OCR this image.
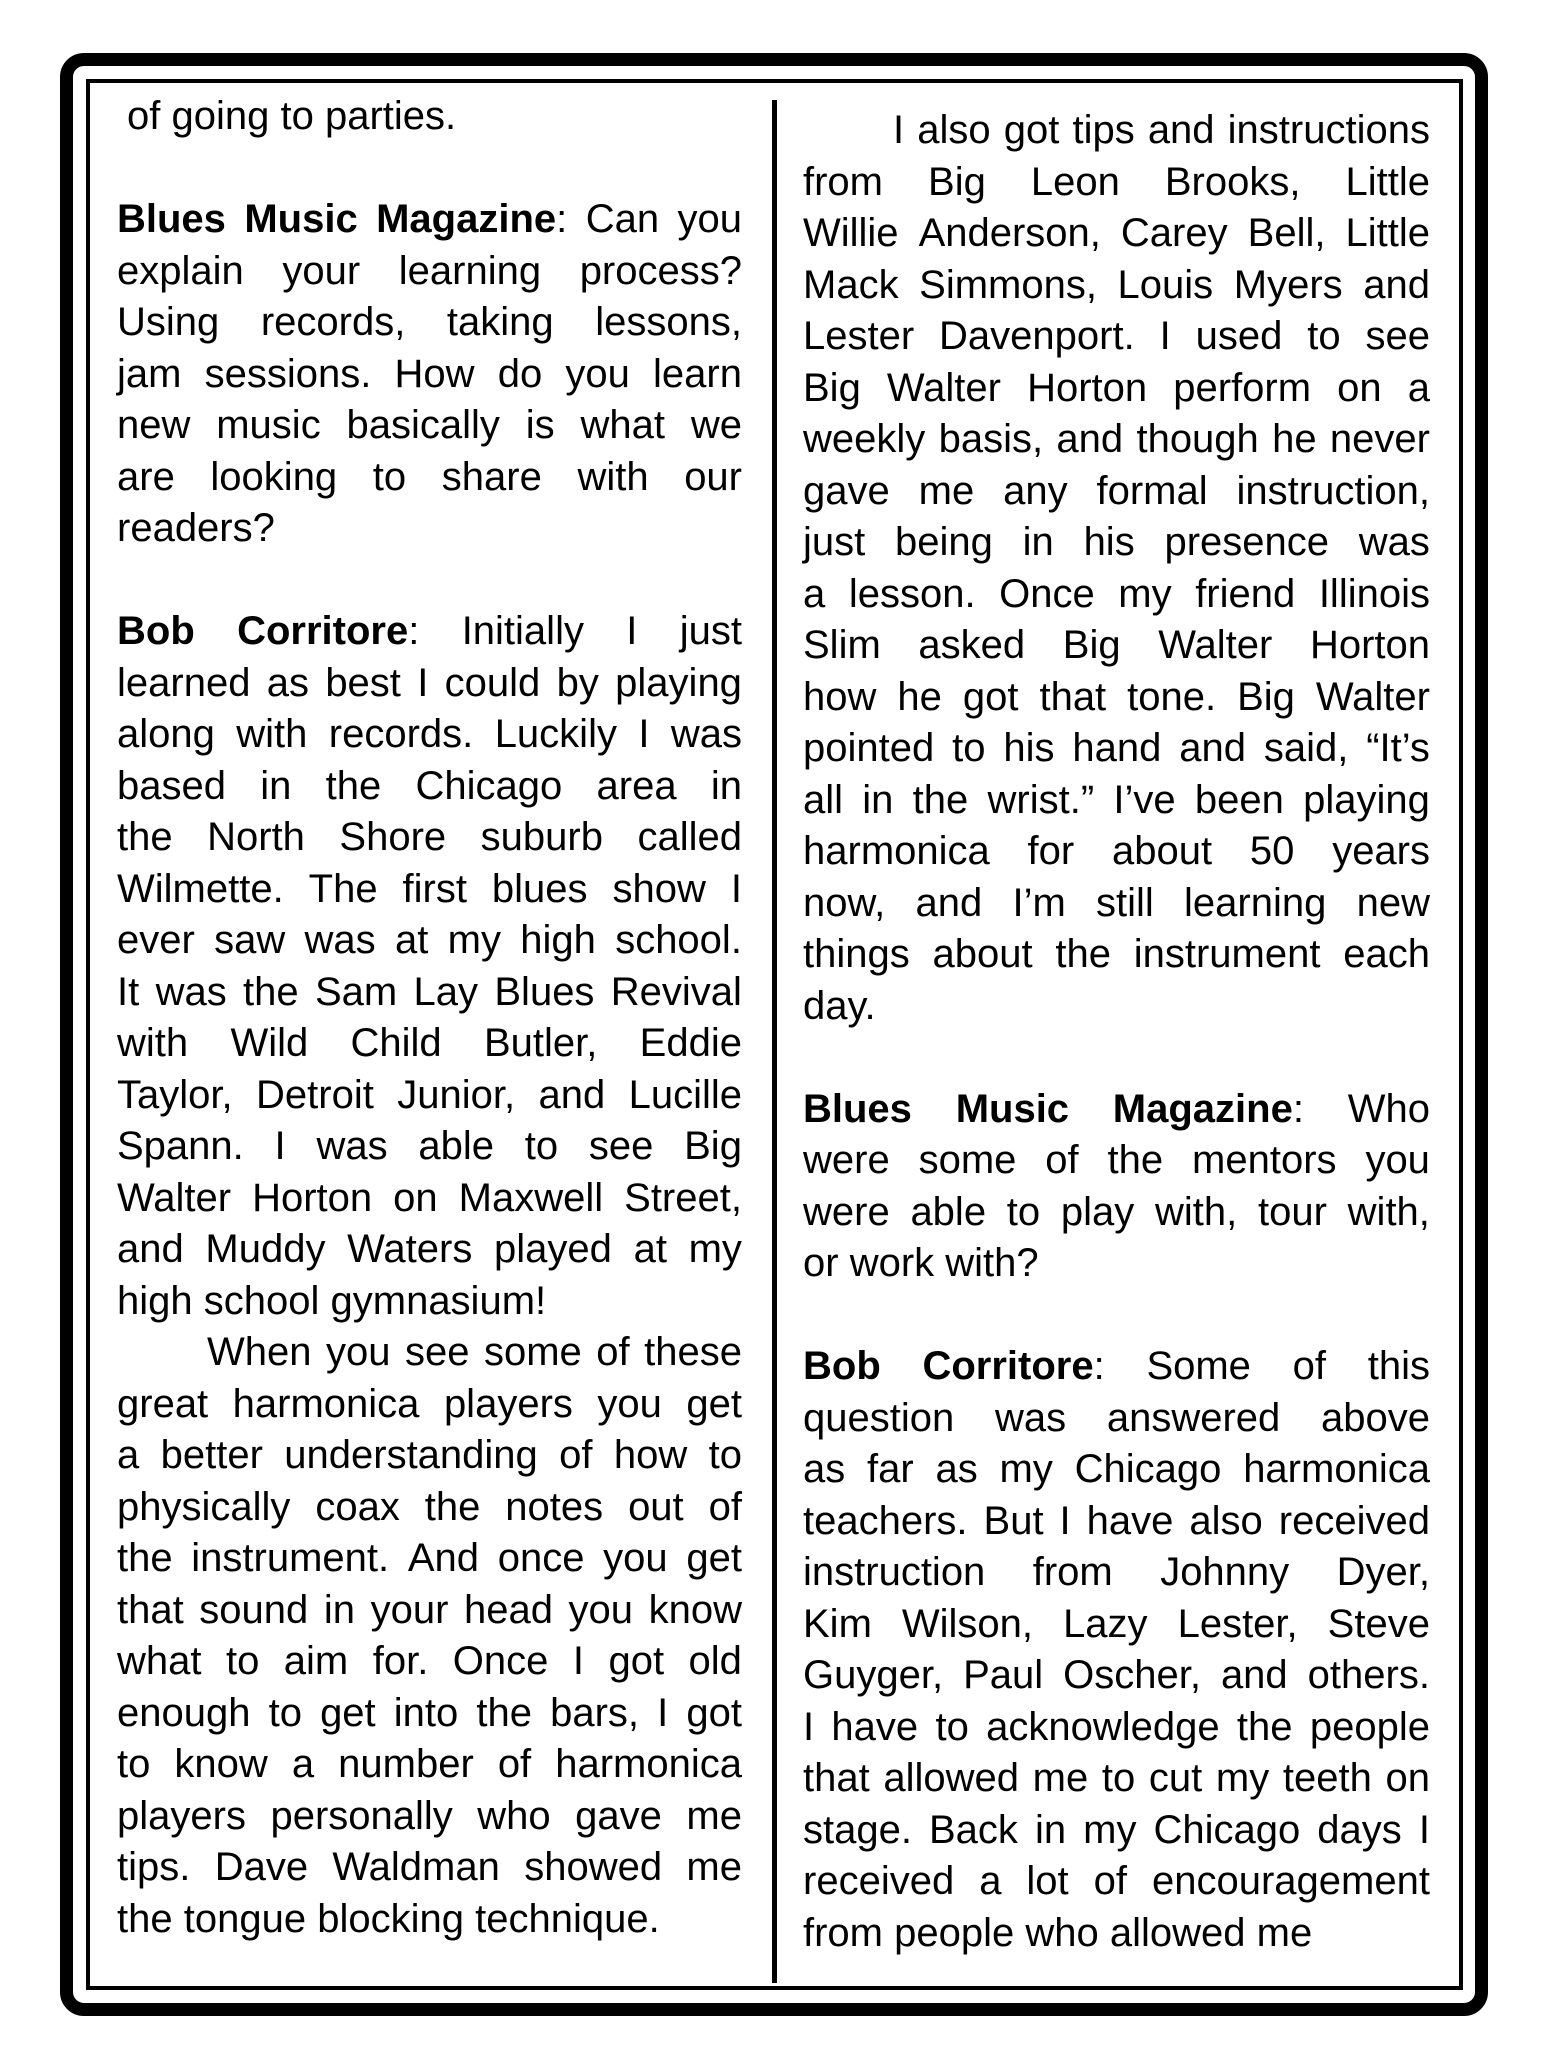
of going to parties.
Blues Music Magazine: Can you
explain your learning process?
Using records, taking lessons,
jam sessions. How do you learn
new music basically is what we
are looking to share with our
readers?
Bob Corritore: Initially I just
learned as best I could by playing
along with records. Luckily I was
based in the Chicago area in
the North Shore suburb called
Wilmette. The first blues show I
ever saw was at my high school.
It was the Sam Lay Blues Revival
with Wild Child Butler, Eddie
Taylor, Detroit Junior, and Lucille
Spann. I was able to see Big
Walter Horton on Maxwell Street,
and Muddy Waters played at my
high school gymnasium!
When you see some of these
great harmonica players you get
a better understanding of how to
physically coax the notes out of
the instrument. And once you get
that sound in your head you know
what to aim for. Once I got old
enough to get into the bars, I got
to know a number of harmonica
players personally who gave me
tips. Dave Waldman showed me
the tongue blocking technique.
I also got tips and instructions
from Big Leon Brooks, Little
Willie Anderson, Carey Bell, Little
Mack Simmons, Louis Myers and
Lester Davenport. I used to see
Big Walter Horton perform on a
weekly basis, and though he never
gave me any formal instruction,
just being in his presence was
a lesson. Once my friend Illinois
Slim asked Big Walter Horton
how he got that tone. Big Walter
pointed to his hand and said, “It’s
all in the wrist.” I’ve been playing
harmonica for about 50 years
now, and I’m still learning new
things about the instrument each
day.
Blues Music Magazine: Who
were some of the mentors you
were able to play with, tour with,
or work with?
Bob Corritore: Some of this
question was answered above
as far as my Chicago harmonica
teachers. But I have also received
instruction from Johnny Dyer,
Kim Wilson, Lazy Lester, Steve
Guyger, Paul Oscher, and others.
I have to acknowledge the people
that allowed me to cut my teeth on
stage. Back in my Chicago days I
received a lot of encouragement
from people who allowed me
